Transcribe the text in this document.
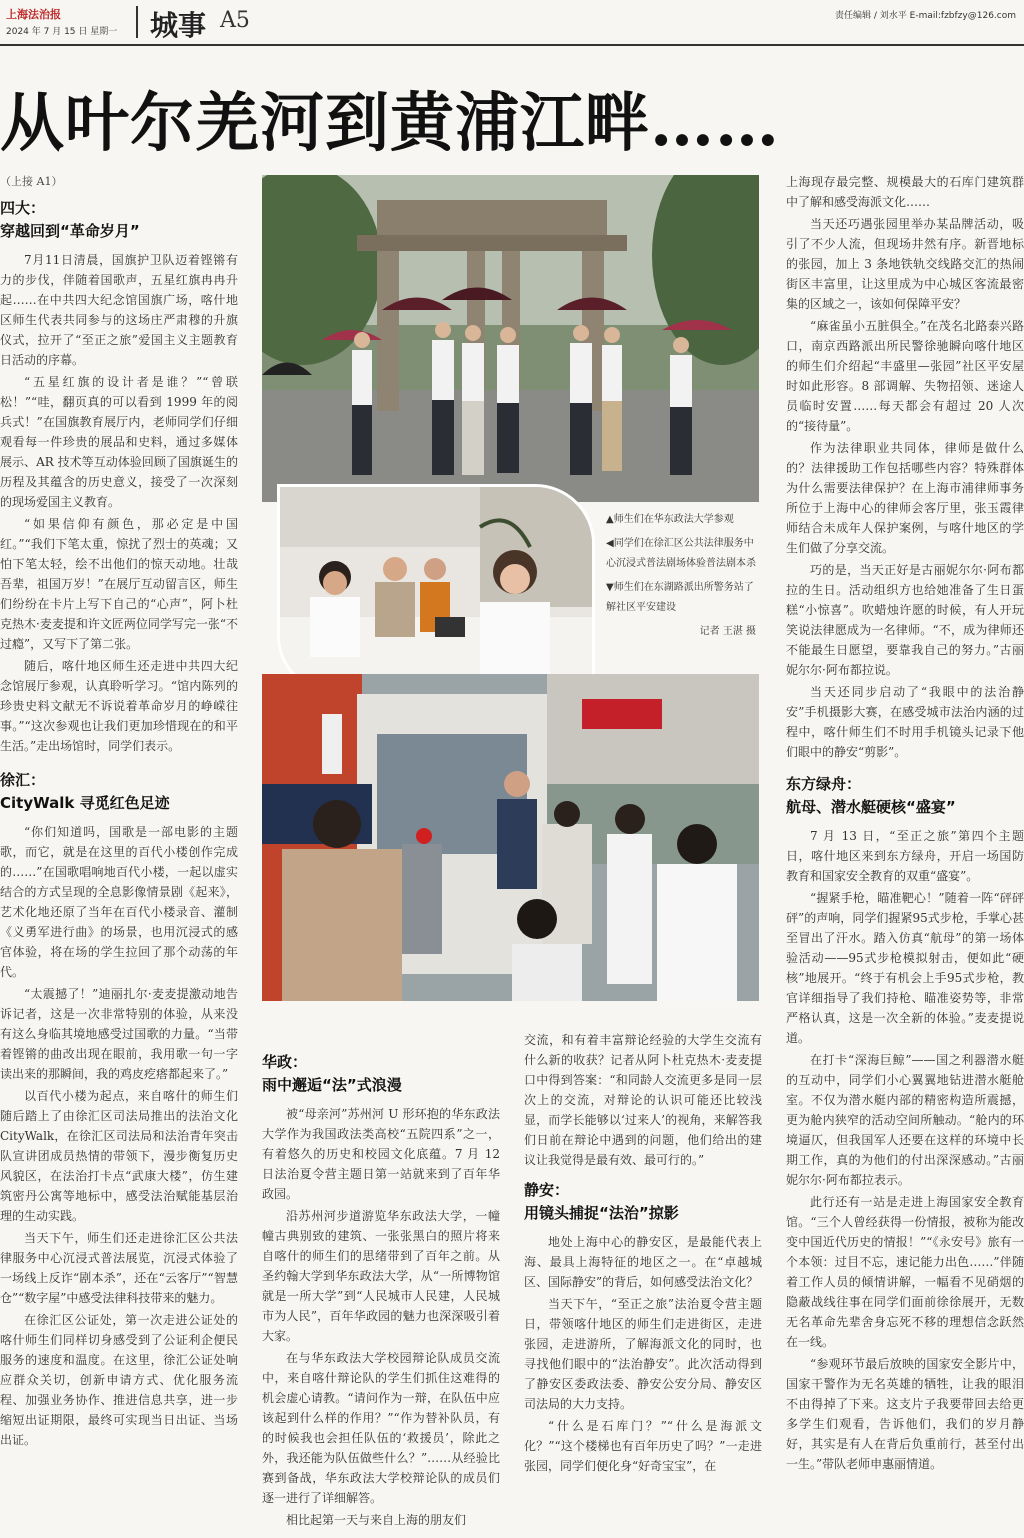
上海法治报
2024 年 7 月 15 日 星期一 城事 A5	责任编辑 / 刘水平 E-mail:fzbfzy@126.com
从叶尔羌河到黄浦江畔……

（上接 A1）

四大：
穿越回到“革命岁月”

7月11日清晨，国旗护卫队迈着铿锵有力的步伐，伴随着国歌声，五星红旗冉冉升起……在中共四大纪念馆国旗广场，喀什地区师生代表共同参与的这场庄严肃穆的升旗仪式，拉开了“至正之旅”爱国主义主题教育日活动的序幕。

“五星红旗的设计者是谁？”“曾联松！”“哇，翻页真的可以看到 1999 年的阅兵式！”在国旗教育展厅内，老师同学们仔细观看每一件珍贵的展品和史料，通过多媒体展示、AR 技术等互动体验回顾了国旗诞生的历程及其蕴含的历史意义，接受了一次深刻的现场爱国主义教育。

“如果信仰有颜色，那必定是中国红。”“我们下笔太重，惊扰了烈士的英魂；又怕下笔太轻，绘不出他们的惊天动地。壮哉吾辈，祖国万岁！”在展厅互动留言区，师生们纷纷在卡片上写下自己的“心声”，阿卜杜克热木·麦麦提和许文匠两位同学写完一张“不过瘾”，又写下了第二张。

随后，喀什地区师生还走进中共四大纪念馆展厅参观，认真聆听学习。“馆内陈列的珍贵史料文献无不诉说着革命岁月的峥嵘往事。”“这次参观也让我们更加珍惜现在的和平生活。”走出场馆时，同学们表示。

徐汇：
CityWalk 寻觅红色足迹

“你们知道吗，国歌是一部电影的主题歌，而它，就是在这里的百代小楼创作完成的……”在国歌唱响地百代小楼，一起以虚实结合的方式呈现的全息影像情景剧《起来》，艺术化地还原了当年在百代小楼录音、灌制《义勇军进行曲》的场景，也用沉浸式的感官体验，将在场的学生拉回了那个动荡的年代。

“太震撼了！”迪丽扎尔·麦麦提激动地告诉记者，这是一次非常特别的体验，从来没有这么身临其境地感受过国歌的力量。“当带着铿锵的曲改出现在眼前，我用歌一句一字读出来的那瞬间，我的鸡皮疙瘩都起来了。”

以百代小楼为起点，来自喀什的师生们随后踏上了由徐汇区司法局推出的法治文化 CityWalk，在徐汇区司法局和法治青年突击队宣讲团成员热情的带领下，漫步衡复历史风貌区，在法治打卡点“武康大楼”，仿生建筑密丹公寓等地标中，感受法治赋能基层治理的生动实践。

当天下午，师生们还走进徐汇区公共法律服务中心沉浸式普法展览，沉浸式体验了一场线上反诈“剧本杀”，还在“云客厅”“智慧仓”“数字屋”中感受法律科技带来的魅力。

在徐汇区公证处，第一次走进公证处的喀什师生们同样切身感受到了公证利企便民服务的速度和温度。在这里，徐汇公证处响应群众关切，创新申请方式、优化服务流程、加强业务协作、推进信息共享，进一步缩短出证期限，最终可实现当日出证、当场出证。

▲师生们在华东政法大学参观

◀同学们在徐汇区公共法律服务中心沉浸式普法剧场体验普法剧本杀

▼师生们在东湖路派出所警务站了解社区平安建设

记者 王湛 摄
华政：
雨中邂逅“法”式浪漫

被“母亲河”苏州河 U 形环抱的华东政法大学作为我国政法类高校“五院四系”之一，有着悠久的历史和校园文化底蕴。7 月 12 日法治夏令营主题日第一站就来到了百年华政园。

沿苏州河步道游览华东政法大学，一幢幢古典别致的建筑、一张张黑白的照片将来自喀什的师生们的思绪带到了百年之前。从圣约翰大学到华东政法大学，从“一所博物馆就是一所大学”到“人民城市人民建，人民城市为人民”，百年华政园的魅力也深深吸引着大家。

在与华东政法大学校园辩论队成员交流中，来自喀什辩论队的学生们抓住这难得的机会虚心请教。“请问作为一辩，在队伍中应该起到什么样的作用？”“作为替补队员，有的时候我也会担任队伍的‘救援员’，除此之外，我还能为队伍做些什么？”……从经验比赛到备战，华东政法大学校辩论队的成员们逐一进行了详细解答。

相比起第一天与来自上海的朋友们

交流，和有着丰富辩论经验的大学生交流有什么新的收获？记者从阿卜杜克热木·麦麦提口中得到答案：“和同龄人交流更多是同一层次上的交流，对辩论的认识可能还比较浅显，而学长能够以‘过来人’的视角，来解答我们日前在辩论中遇到的问题，他们给出的建议让我觉得是最有效、最可行的。”

静安：
用镜头捕捉“法治”掠影

地处上海中心的静安区，是最能代表上海、最具上海特征的地区之一。在“卓越城区、国际静安”的背后，如何感受法治文化？

当天下午，“至正之旅”法治夏令营主题日，带领喀什地区的师生们走进街区，走进张园，走进游所，了解海派文化的同时，也寻找他们眼中的“法治静安”。此次活动得到了静安区委政法委、静安公安分局、静安区司法局的大力支持。

“什么是石库门？”“什么是海派文化？”“这个楼梯也有百年历史了吗？”一走进张园，同学们便化身“好奇宝宝”，在

上海现存最完整、规模最大的石库门建筑群中了解和感受海派文化……

当天还巧遇张园里举办某品牌活动，吸引了不少人流，但现场井然有序。新晋地标的张园，加上 3 条地铁轨交线路交汇的热闹街区丰富里，让这里成为中心城区客流最密集的区域之一，该如何保障平安？

“麻雀虽小五脏俱全。”在茂名北路泰兴路口，南京西路派出所民警徐驰瞬向喀什地区的师生们介绍起“丰盛里—张园”社区平安屋时如此形容。8 部调解、失物招领、迷途人员临时安置……每天都会有超过 20 人次的“接待量”。

作为法律职业共同体，律师是做什么的？法律援助工作包括哪些内容？特殊群体为什么需要法律保护？在上海市浦律师事务所位于上海中心的律师会客厅里，张玉霞律师结合未成年人保护案例，与喀什地区的学生们做了分享交流。

巧的是，当天正好是古丽妮尔尔·阿布都拉的生日。活动组织方也给她准备了生日蛋糕“小惊喜”。吹蜡烛许愿的时候，有人开玩笑说法律愿成为一名律师。“不，成为律师还不能最生日愿望，要靠我自己的努力。”古丽妮尔尔·阿布都拉说。

当天还同步启动了“我眼中的法治静安”手机摄影大赛，在感受城市法治内涵的过程中，喀什师生们不时用手机镜头记录下他们眼中的静安“剪影”。

东方绿舟：
航母、潜水艇硬核“盛宴”

7 月 13 日，“至正之旅”第四个主题日，喀什地区来到东方绿舟，开启一场国防教育和国家安全教育的双重“盛宴”。

“握紧手枪，瞄准靶心！”随着一阵“砰砰砰”的声响，同学们握紧95式步枪，手掌心甚至冒出了汗水。踏入仿真“航母”的第一场体验活动——95式步枪模拟射击，便如此“硬核”地展开。“终于有机会上手95式步枪，教官详细指导了我们持枪、瞄准姿势等，非常严格认真，这是一次全新的体验。”麦麦提说道。

在打卡“深海巨鲸”——国之利器潜水艇的互动中，同学们小心翼翼地钻进潜水艇舱室。不仅为潜水艇内部的精密构造所震撼，更为舱内狭窄的活动空间所触动。“舱内的环境逼仄，但我国军人还要在这样的环境中长期工作，真的为他们的付出深深感动。”古丽妮尔尔·阿布都拉表示。

此行还有一站是走进上海国家安全教育馆。“三个人曾经获得一份情报，被称为能改变中国近代历史的情报！”“《永安号》旅有一个本领：过目不忘，速记能力出色……”伴随着工作人员的倾情讲解，一幅看不见硝烟的隐蔽战线往事在同学们面前徐徐展开，无数无名革命先辈舍身忘死不移的理想信念跃然在一线。

“参观环节最后放映的国家安全影片中，国家干警作为无名英雄的牺牲，让我的眼泪不由得掉了下来。这支片子我要带回去给更多学生们观看，告诉他们，我们的岁月静好，其实是有人在背后负重前行，甚至付出一生。”带队老师申惠丽情道。
